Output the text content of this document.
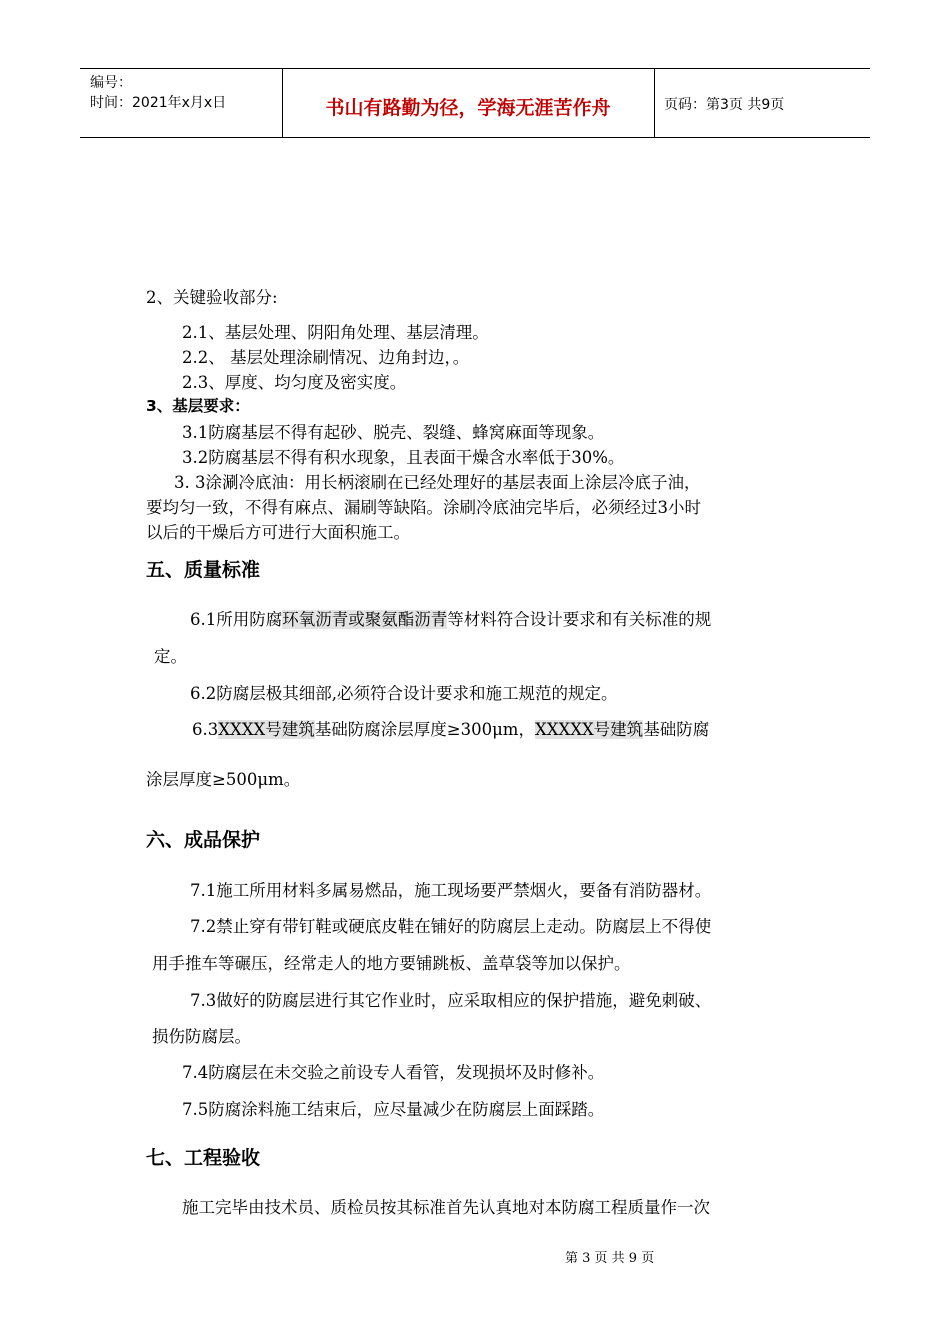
编号：
时间：2021年x月x日	书山有路勤为径，学海无涯苦作舟	页码：第3页 共9页
2、关键验收部分:
2.1、基层处理、阴阳角处理、基层清理。
2.2、 基层处理涂刷情况、边角封边，。
2.3、厚度、均匀度及密实度。
3、基层要求：
3.1防腐基层不得有起砂、脱壳、裂缝、蜂窝麻面等现象。
3.2防腐基层不得有积水现象，且表面干燥含水率低于30%。
3. 3涂涮冷底油：用长柄滚刷在已经处理好的基层表面上涂层冷底子油，
要均匀一致，不得有麻点、漏刷等缺陷。涂刷冷底油完毕后，必须经过3小时
以后的干燥后方可进行大面积施工。
五、质量标准
6.1所用防腐环氧沥青或聚氨酯沥青等材料符合设计要求和有关标准的规
定。
6.2防腐层极其细部,必须符合设计要求和施工规范的规定。
6.3XXXX号建筑基础防腐涂层厚度≥300μm，XXXXX号建筑基础防腐
涂层厚度≥500μm。
六、成品保护
7.1施工所用材料多属易燃品，施工现场要严禁烟火，要备有消防器材。
7.2禁止穿有带钉鞋或硬底皮鞋在铺好的防腐层上走动。防腐层上不得使
用手推车等碾压，经常走人的地方要铺跳板、盖草袋等加以保护。
7.3做好的防腐层进行其它作业时，应采取相应的保护措施，避免刺破、
损伤防腐层。
7.4防腐层在未交验之前设专人看管，发现损坏及时修补。
7.5防腐涂料施工结束后，应尽量减少在防腐层上面踩踏。
七、工程验收
施工完毕由技术员、质检员按其标准首先认真地对本防腐工程质量作一次
第 3 页 共 9 页
